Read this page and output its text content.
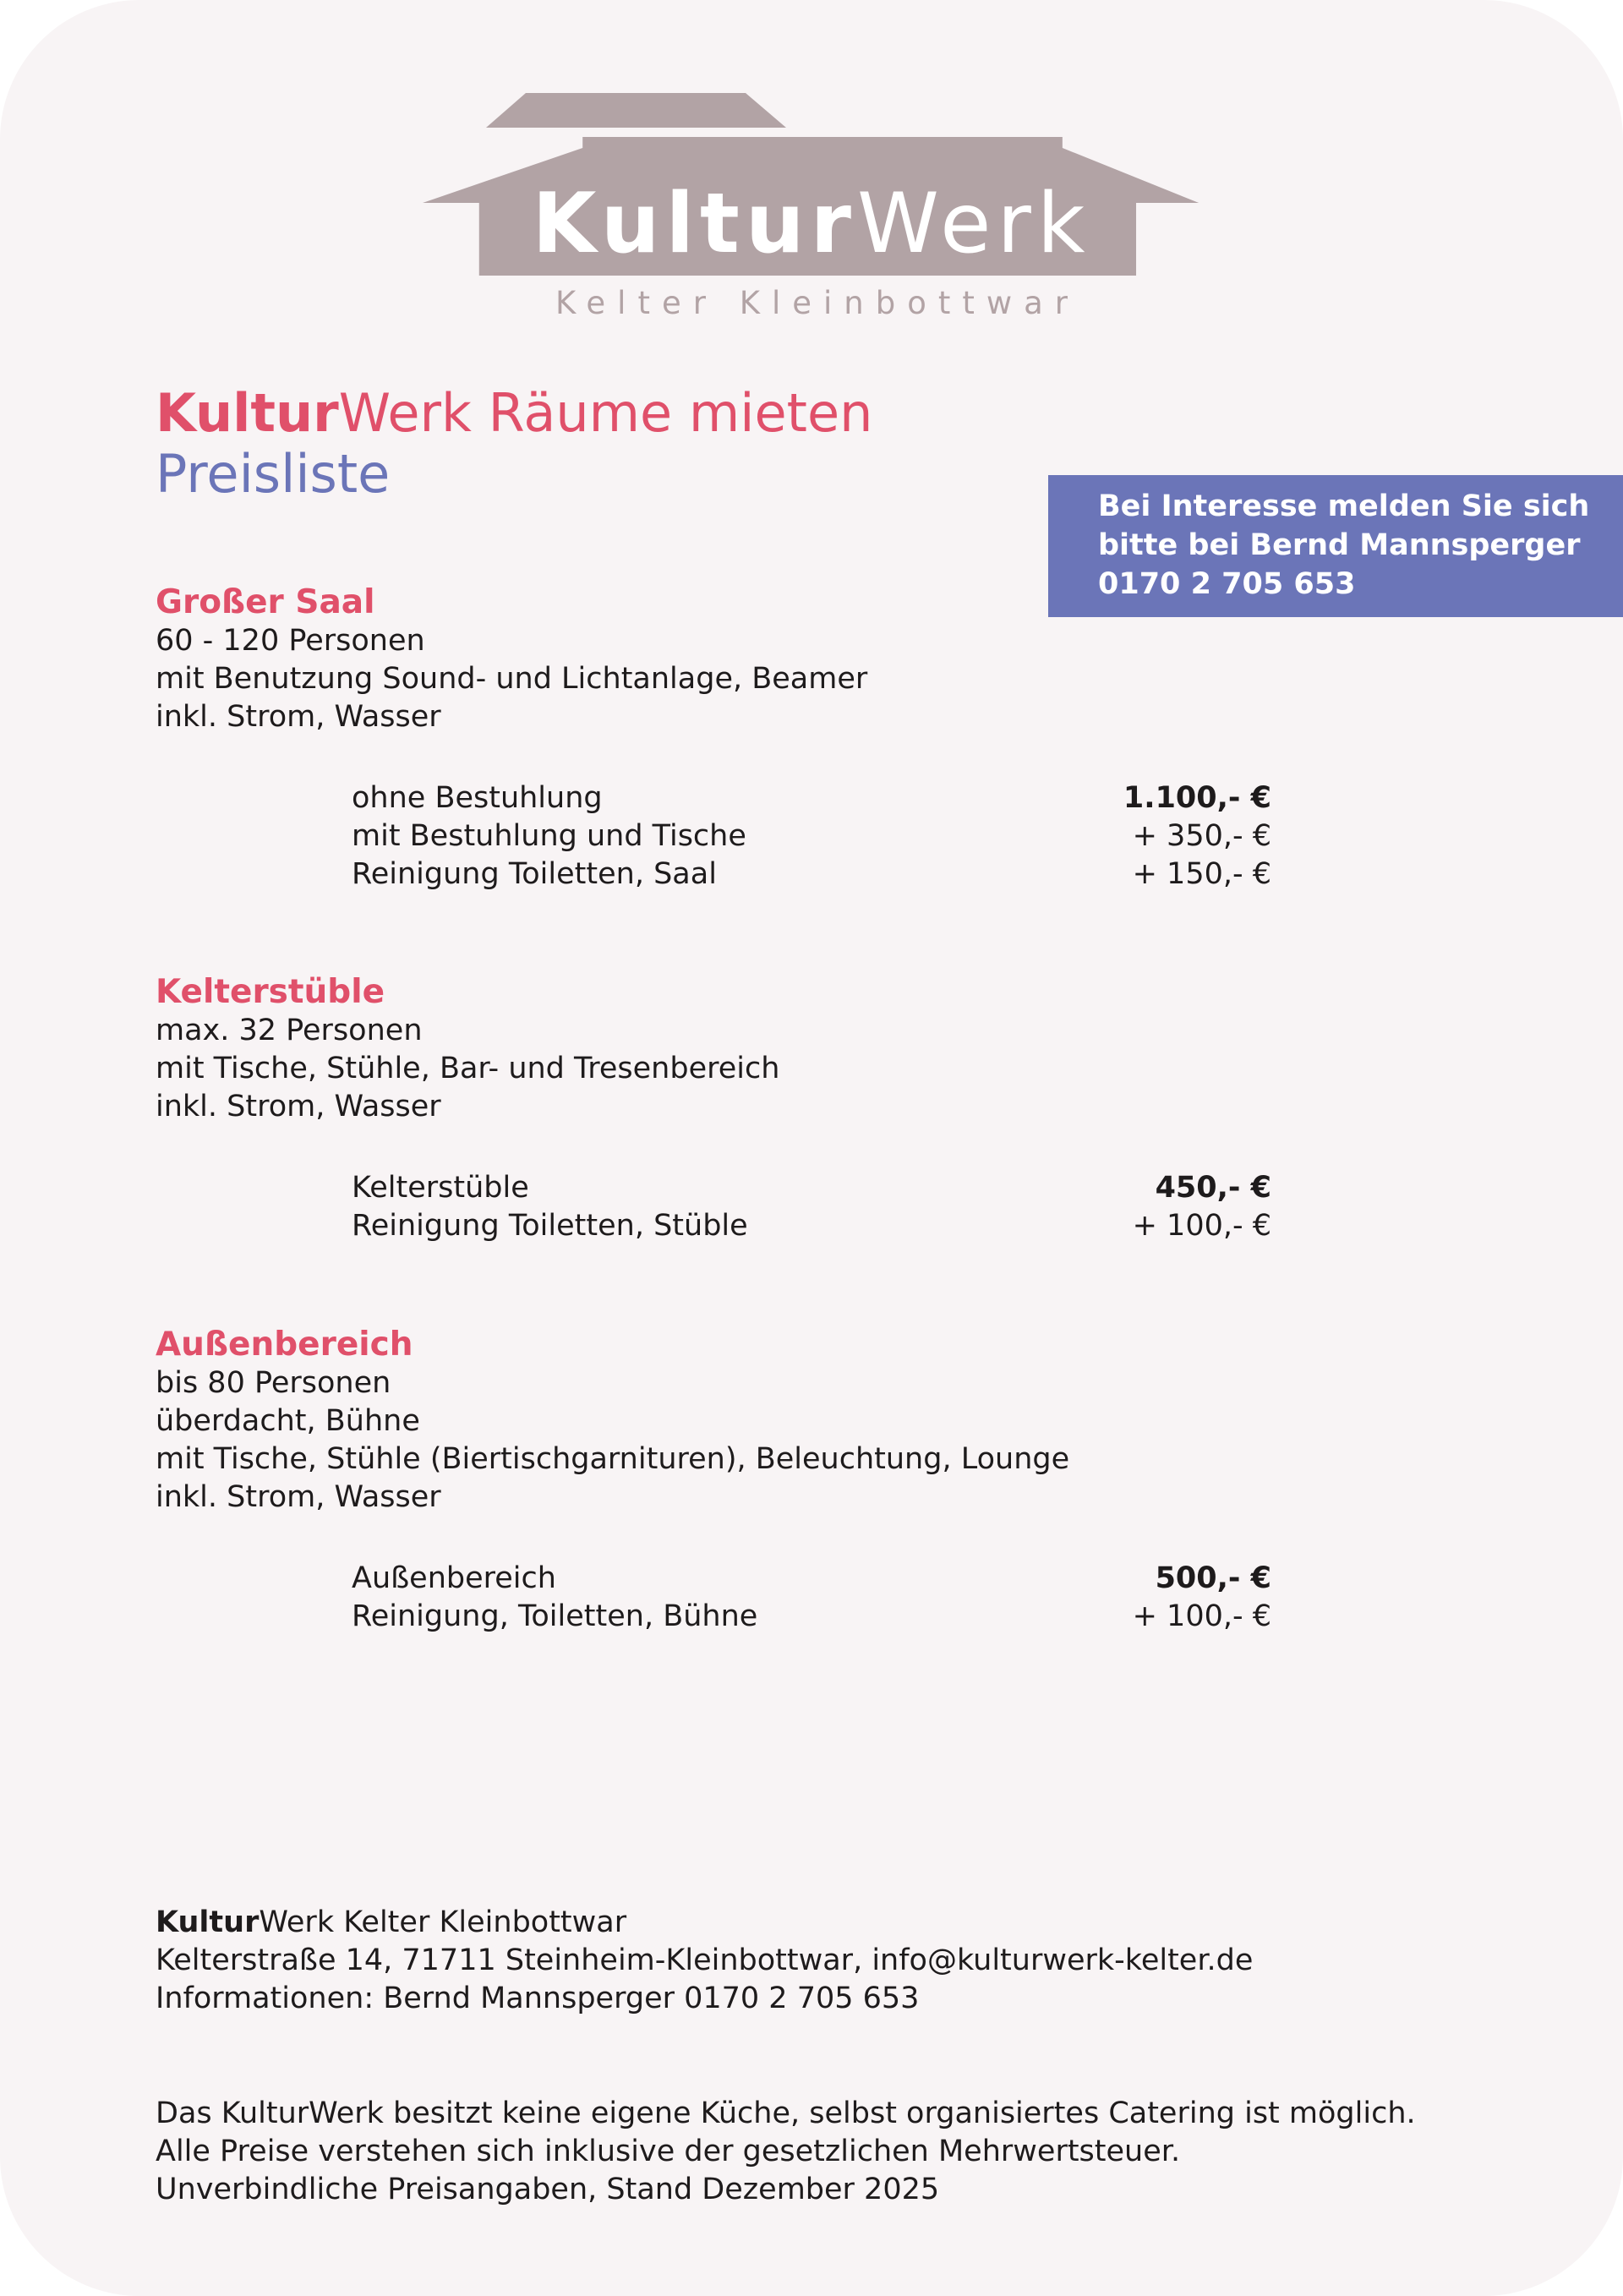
KulturWerk
Kelter Kleinbottwar
KulturWerk Räume mieten
Preisliste
Bei Interesse melden Sie sich
bitte bei Bernd Mannsperger
0170 2 705 653
Großer Saal
60 - 120 Personen
mit Benutzung Sound- und Lichtanlage, Beamer
inkl. Strom, Wasser
ohne Bestuhlung	1.100,- €
mit Bestuhlung und Tische	+ 350,- €
Reinigung Toiletten, Saal	+ 150,- €
Kelterstüble
max. 32 Personen
mit Tische, Stühle, Bar- und Tresenbereich
inkl. Strom, Wasser
Kelterstüble	450,- €
Reinigung Toiletten, Stüble	+ 100,- €
Außenbereich
bis 80 Personen
überdacht, Bühne
mit Tische, Stühle (Biertischgarnituren), Beleuchtung, Lounge
inkl. Strom, Wasser
Außenbereich	500,- €
Reinigung, Toiletten, Bühne	+ 100,- €
KulturWerk Kelter Kleinbottwar
Kelterstraße 14, 71711 Steinheim-Kleinbottwar, info@kulturwerk-kelter.de
Informationen: Bernd Mannsperger 0170 2 705 653
Das KulturWerk besitzt keine eigene Küche, selbst organisiertes Catering ist möglich.
Alle Preise verstehen sich inklusive der gesetzlichen Mehrwertsteuer.
Unverbindliche Preisangaben, Stand Dezember 2025
